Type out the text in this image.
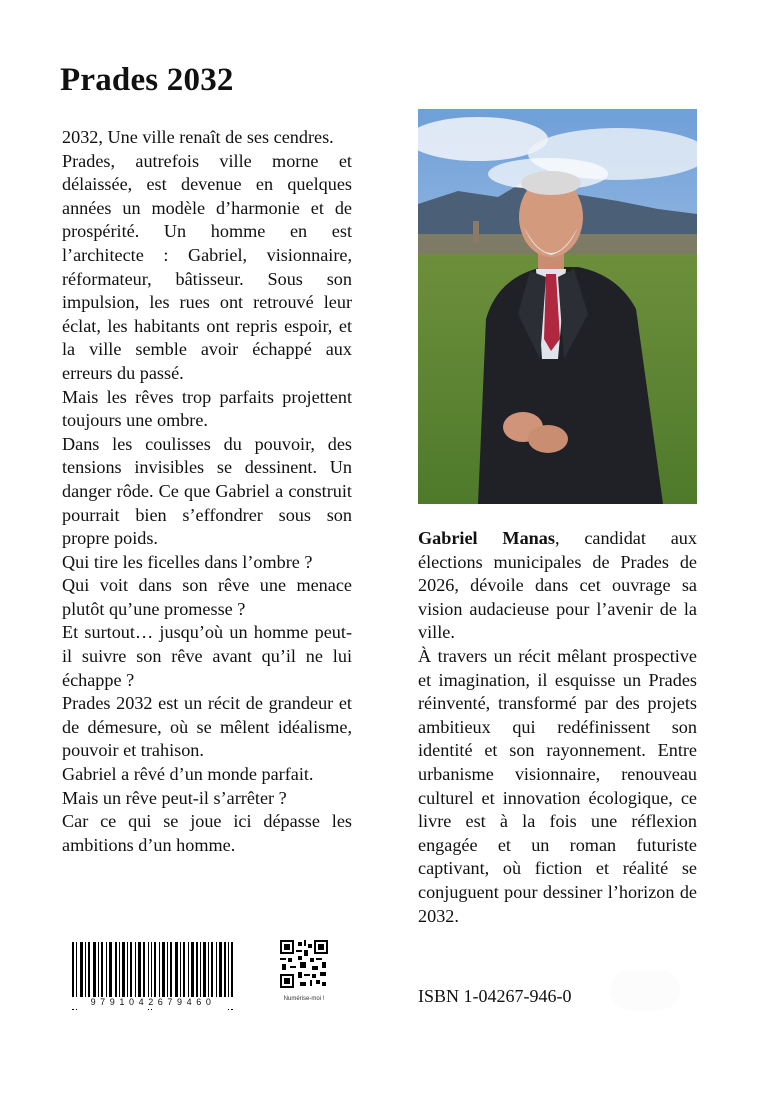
Prades 2032

2032, Une ville renaît de ses cendres.

Prades, autrefois ville morne et délaissée, est devenue en quelques années un modèle d’harmonie et de prospérité. Un homme en est l’architecte : Gabriel, visionnaire, réformateur, bâtisseur. Sous son impulsion, les rues ont retrouvé leur éclat, les habitants ont repris espoir, et la ville semble avoir échappé aux erreurs du passé.

Mais les rêves trop parfaits projettent toujours une ombre.

Dans les coulisses du pouvoir, des tensions invisibles se dessinent. Un danger rôde. Ce que Gabriel a construit pourrait bien s’effondrer sous son propre poids.

Qui tire les ficelles dans l’ombre ?

Qui voit dans son rêve une menace plutôt qu’une promesse ?

Et surtout… jusqu’où un homme peut-il suivre son rêve avant qu’il ne lui échappe ?

Prades 2032 est un récit de grandeur et de démesure, où se mêlent idéalisme, pouvoir et trahison.

Gabriel a rêvé d’un monde parfait.

Mais un rêve peut-il s’arrêter ?

Car ce qui se joue ici dépasse les ambitions d’un homme.

Gabriel Manas, candidat aux élections municipales de Prades de 2026, dévoile dans cet ouvrage sa vision audacieuse pour l’avenir de la ville.

À travers un récit mêlant prospective et imagination, il esquisse un Prades réinventé, transformé par des projets ambitieux qui redéfinissent son identité et son rayonnement. Entre urbanisme visionnaire, renouveau culturel et innovation écologique, ce livre est à la fois une réflexion engagée et un roman futuriste captivant, où fiction et réalité se conjuguent pour dessiner l’horizon de 2032.

9791042679460	Numérise-moi !	ISBN 1-04267-946-0
